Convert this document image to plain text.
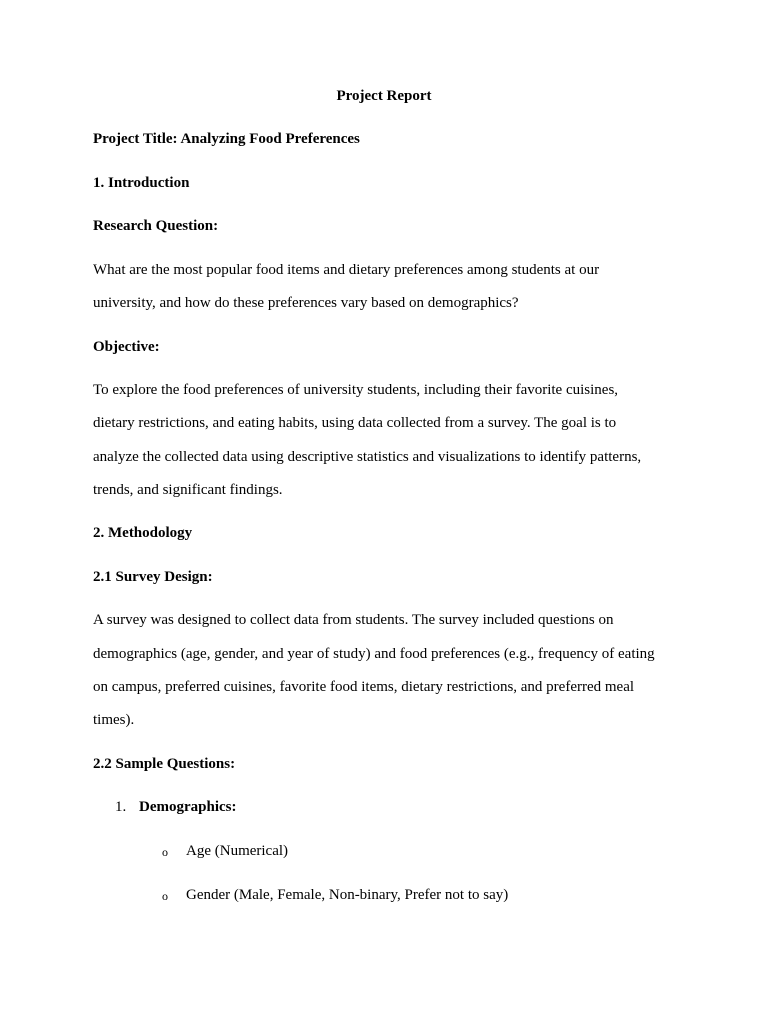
Project Report
Project Title: Analyzing Food Preferences
1. Introduction
Research Question:
What are the most popular food items and dietary preferences among students at our
university, and how do these preferences vary based on demographics?
Objective:
To explore the food preferences of university students, including their favorite cuisines,
dietary restrictions, and eating habits, using data collected from a survey. The goal is to
analyze the collected data using descriptive statistics and visualizations to identify patterns,
trends, and significant findings.
2. Methodology
2.1 Survey Design:
A survey was designed to collect data from students. The survey included questions on
demographics (age, gender, and year of study) and food preferences (e.g., frequency of eating
on campus, preferred cuisines, favorite food items, dietary restrictions, and preferred meal
times).
2.2 Sample Questions:
1. Demographics:
o Age (Numerical)
o Gender (Male, Female, Non-binary, Prefer not to say)
